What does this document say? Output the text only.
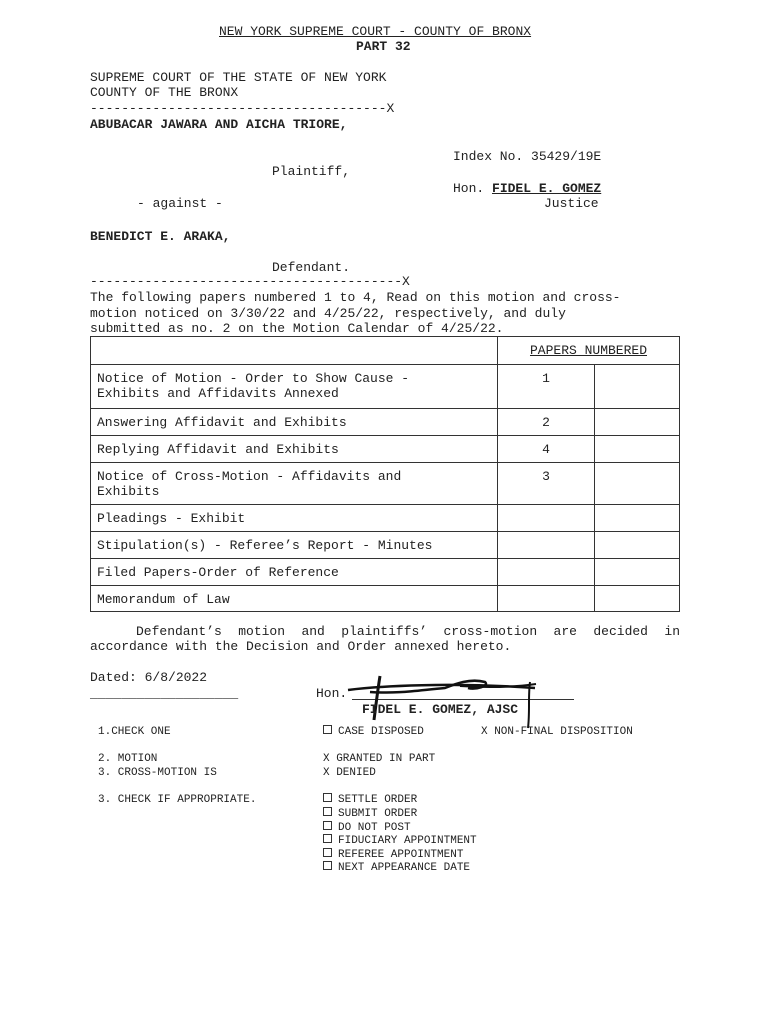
NEW YORK SUPREME COURT - COUNTY OF BRONX
PART 32
SUPREME COURT OF THE STATE OF NEW YORK
COUNTY OF THE BRONX
--------------------------------------X
ABUBACAR JAWARA AND AICHA TRIORE,
Index No. 35429/19E
Plaintiff,
Hon. FIDEL E. GOMEZ
- against -	Justice
BENEDICT E. ARAKA,
Defendant.
----------------------------------------X
The following papers numbered 1 to 4, Read on this motion and cross-
motion noticed on 3/30/22 and 4/25/22, respectively, and duly
submitted as no. 2 on the Motion Calendar of 4/25/22.
	PAPERS NUMBERED	

Notice of Motion - Order to Show Cause -
Exhibits and Affidavits Annexed	1	

Answering Affidavit and Exhibits	2	

Replying Affidavit and Exhibits	4	

Notice of Cross-Motion - Affidavits and
Exhibits	3	

Pleadings - Exhibit		

Stipulation(s) - Referee’s Report - Minutes		

Filed Papers-Order of Reference		

Memorandum of Law		

Defendant’s motion and plaintiffs’ cross-motion are decided in
accordance with the Decision and Order annexed hereto.
Dated: 6/8/2022
___________________	Hon.
FIDEL E. GOMEZ, AJSC
1.CHECK ONE	CASE DISPOSED	X NON-FINAL DISPOSITION
2. MOTION
3. CROSS-MOTION IS
X GRANTED IN PART
X DENIED
3. CHECK IF APPROPRIATE.	SETTLE ORDER
SUBMIT ORDER
DO NOT POST
FIDUCIARY APPOINTMENT
REFEREE APPOINTMENT
NEXT APPEARANCE DATE
